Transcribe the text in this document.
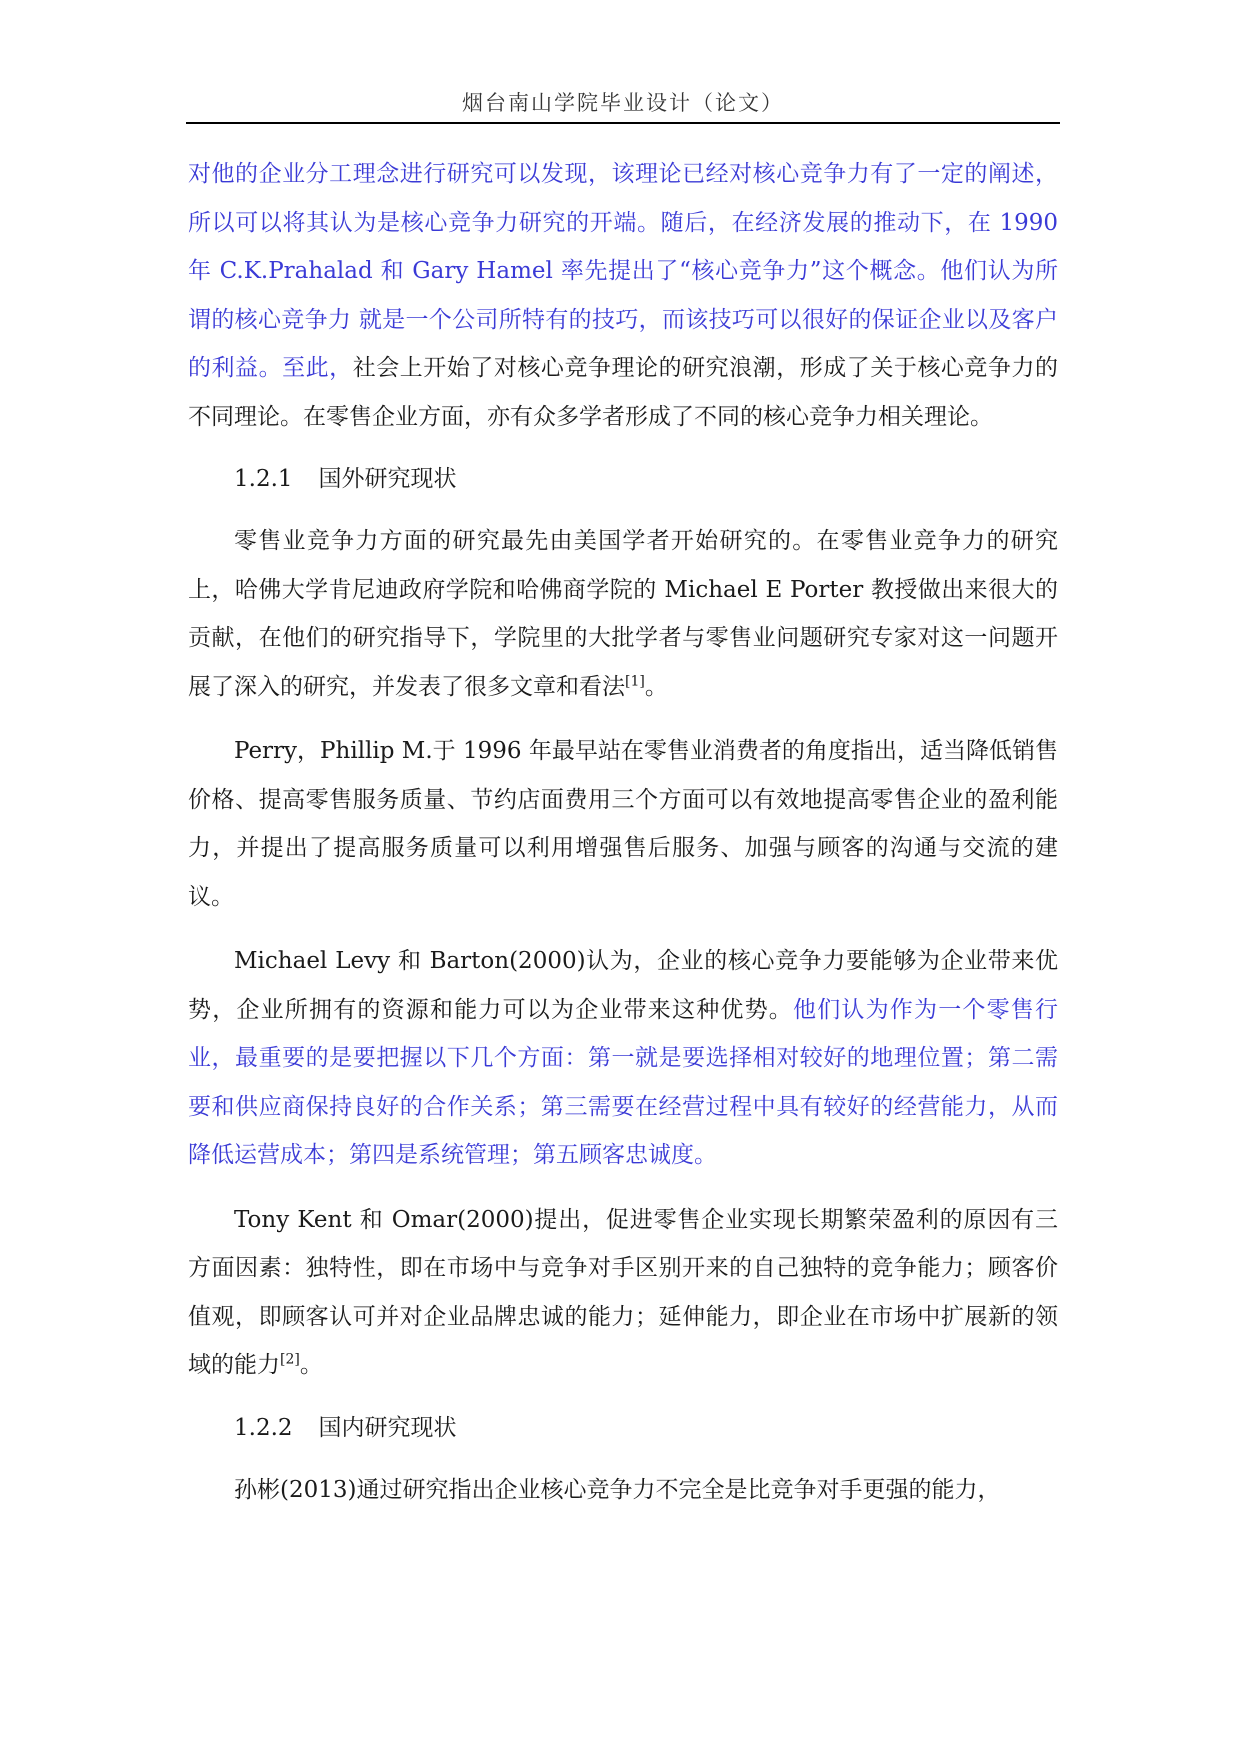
烟台南山学院毕业设计（论文）

对他的企业分工理念进行研究可以发现，该理论已经对核心竞争力有了一定的阐述，所以可以将其认为是核心竞争力研究的开端。随后，在经济发展的推动下，在 1990 年 C.K.Prahalad 和 Gary Hamel 率先提出了“核心竞争力”这个概念。他们认为所谓的核心竞争力 就是一个公司所特有的技巧，而该技巧可以很好的保证企业以及客户的利益。至此，社会上开始了对核心竞争理论的研究浪潮，形成了关于核心竞争力的不同理论。在零售企业方面，亦有众多学者形成了不同的核心竞争力相关理论。

1.2.1 国外研究现状

零售业竞争力方面的研究最先由美国学者开始研究的。在零售业竞争力的研究上，哈佛大学肯尼迪政府学院和哈佛商学院的 Michael E Porter 教授做出来很大的贡献，在他们的研究指导下，学院里的大批学者与零售业问题研究专家对这一问题开展了深入的研究，并发表了很多文章和看法[1]。

Perry，Phillip M.于 1996 年最早站在零售业消费者的角度指出，适当降低销售价格、提高零售服务质量、节约店面费用三个方面可以有效地提高零售企业的盈利能力，并提出了提高服务质量可以利用增强售后服务、加强与顾客的沟通与交流的建议。

Michael Levy 和 Barton(2000)认为，企业的核心竞争力要能够为企业带来优势，企业所拥有的资源和能力可以为企业带来这种优势。他们认为作为一个零售行业，最重要的是要把握以下几个方面：第一就是要选择相对较好的地理位置；第二需要和供应商保持良好的合作关系；第三需要在经营过程中具有较好的经营能力，从而降低运营成本；第四是系统管理；第五顾客忠诚度。

Tony Kent 和 Omar(2000)提出，促进零售企业实现长期繁荣盈利的原因有三方面因素：独特性，即在市场中与竞争对手区别开来的自己独特的竞争能力；顾客价值观，即顾客认可并对企业品牌忠诚的能力；延伸能力，即企业在市场中扩展新的领域的能力[2]。

1.2.2 国内研究现状

孙彬(2013)通过研究指出企业核心竞争力不完全是比竞争对手更强的能力，
